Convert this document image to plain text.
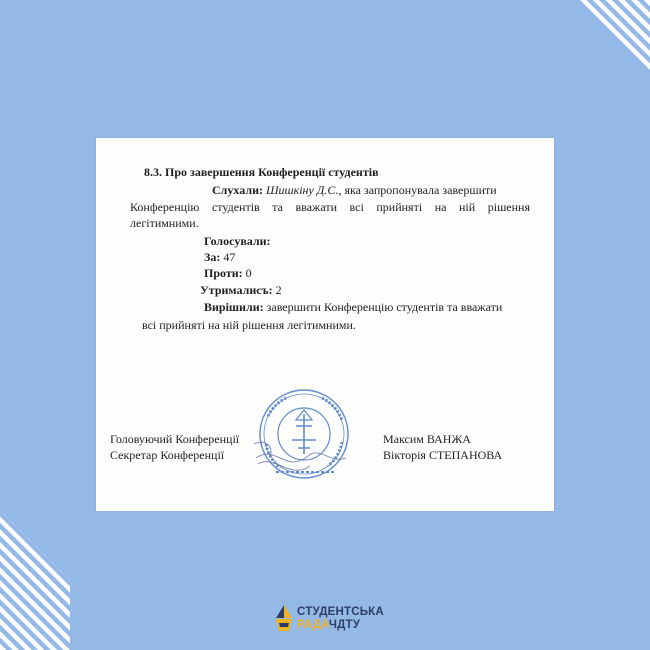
8.3. Про завершення Конференції студентів
Слухали: Шишкіну Д.С., яка запропонувала завершити
Конференцію студентів та вважати всі прийняті на ній рішення
легітимними.
Голосували:
За: 47
Проти: 0
Утрималисъ: 2
Вирішили: завершити Конференцію студентів та вважати
всі прийняті на ній рішення легітимними.
Головуючий Конференції	Максим ВАНЖА
Секретар Конференції	Вікторія СТЕПАНОВА
СТУДЕНТСЬКА
РАДАЧДТУ
